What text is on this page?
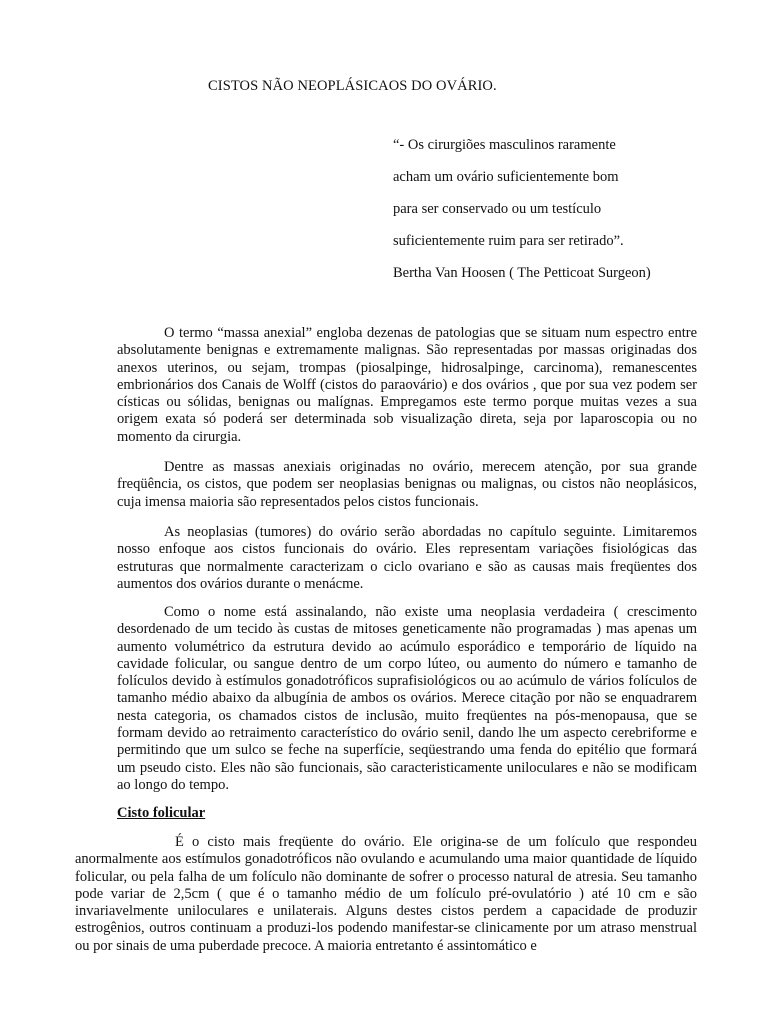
CISTOS NÃO NEOPLÁSICAOS DO OVÁRIO.
“- Os cirurgiões masculinos raramente
acham um ovário suficientemente bom
para ser conservado ou um testículo
suficientemente ruim para ser retirado”.
Bertha Van Hoosen ( The Petticoat Surgeon)

O termo “massa anexial” engloba dezenas de patologias que se situam num espectro entre absolutamente benignas e extremamente malignas. São representadas por massas originadas dos anexos uterinos, ou sejam, trompas (piosalpinge, hidrosalpinge, carcinoma), remanescentes embrionários dos Canais de Wolff (cistos do paraovário) e dos ovários , que por sua vez podem ser císticas ou sólidas, benignas ou malígnas. Empregamos este termo porque muitas vezes a sua origem exata só poderá ser determinada sob visualização direta, seja por laparoscopia ou no momento da cirurgia.

Dentre as massas anexiais originadas no ovário, merecem atenção, por sua grande freqüência, os cistos, que podem ser neoplasias benignas ou malignas, ou cistos não neoplásicos, cuja imensa maioria são representados pelos cistos funcionais.

As neoplasias (tumores) do ovário serão abordadas no capítulo seguinte. Limitaremos nosso enfoque aos cistos funcionais do ovário. Eles representam variações fisiológicas das estruturas que normalmente caracterizam o ciclo ovariano e são as causas mais freqüentes dos aumentos dos ovários durante o menácme.

Como o nome está assinalando, não existe uma neoplasia verdadeira ( crescimento desordenado de um tecido às custas de mitoses geneticamente não programadas ) mas apenas um aumento volumétrico da estrutura devido ao acúmulo esporádico e temporário de líquido na cavidade folicular, ou sangue dentro de um corpo lúteo, ou aumento do número e tamanho de folículos devido à estímulos gonadotróficos suprafisiológicos ou ao acúmulo de vários folículos de tamanho médio abaixo da albugínia de ambos os ovários. Merece citação por não se enquadrarem nesta categoria, os chamados cistos de inclusão, muito freqüentes na pós-menopausa, que se formam devido ao retraimento característico do ovário senil, dando lhe um aspecto cerebriforme e permitindo que um sulco se feche na superfície, seqüestrando uma fenda do epitélio que formará um pseudo cisto. Eles não são funcionais, são caracteristicamente uniloculares e não se modificam ao longo do tempo.

Cisto folicular

É o cisto mais freqüente do ovário. Ele origina-se de um folículo que respondeu anormalmente aos estímulos gonadotróficos não ovulando e acumulando uma maior quantidade de líquido folicular, ou pela falha de um folículo não dominante de sofrer o processo natural de atresia. Seu tamanho pode variar de 2,5cm ( que é o tamanho médio de um folículo pré-ovulatório ) até 10 cm e são invariavelmente uniloculares e unilaterais. Alguns destes cistos perdem a capacidade de produzir estrogênios, outros continuam a produzi-los podendo manifestar-se clinicamente por um atraso menstrual ou por sinais de uma puberdade precoce. A maioria entretanto é assintomático e
